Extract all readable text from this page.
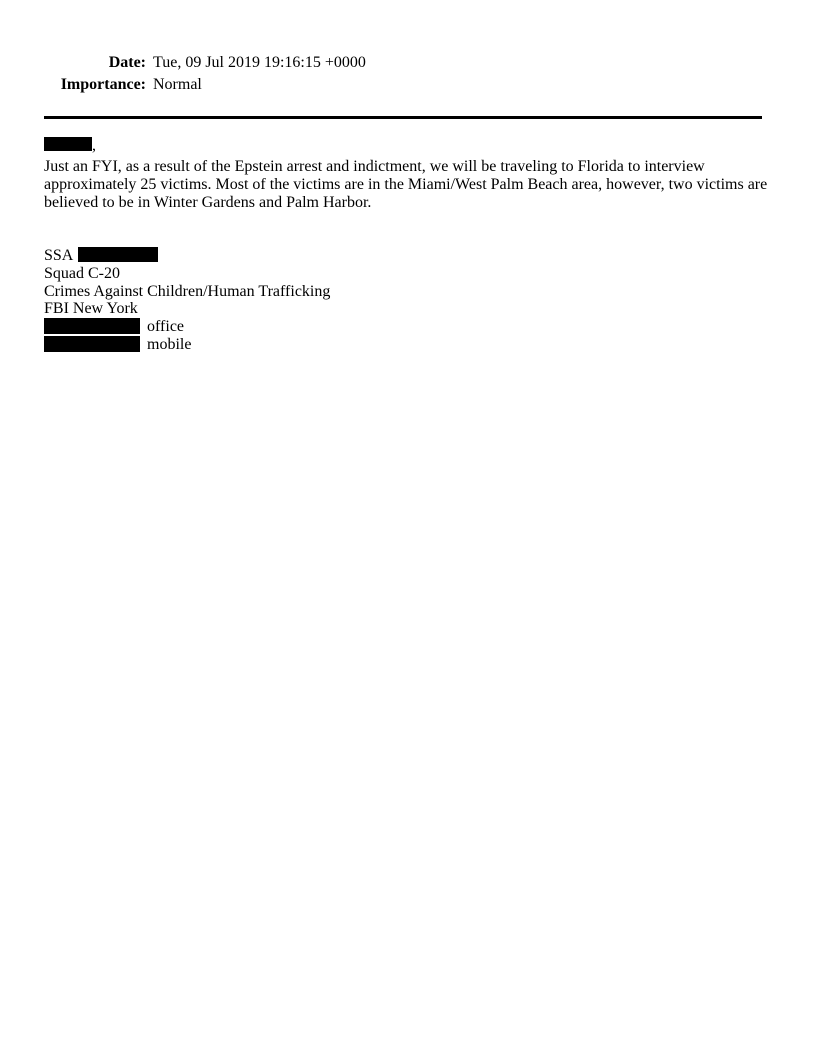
Date: Tue, 09 Jul 2019 19:16:15 +0000
Importance: Normal
,
Just an FYI, as a result of the Epstein arrest and indictment, we will be traveling to Florida to interview
approximately 25 victims. Most of the victims are in the Miami/West Palm Beach area, however, two victims are
believed to be in Winter Gardens and Palm Harbor.
SSA
Squad C-20
Crimes Against Children/Human Trafficking
FBI New York
office
mobile
